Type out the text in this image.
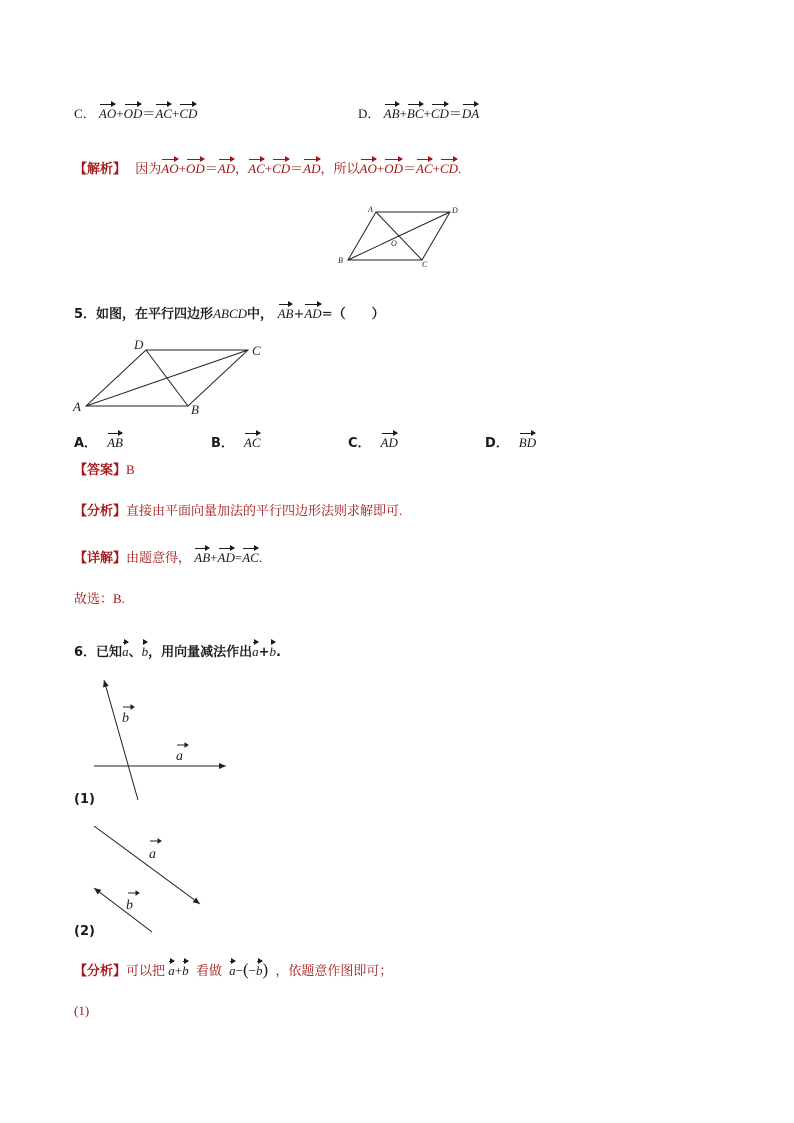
C． AO+OD＝AC+CD	D． AB+BC+CD＝DA
【解析】 因为AO+OD＝AD，AC+CD＝AD，所以AO+OD＝AC+CD.
A	D
B	C
O
5．如图，在平行四边形ABCD中， AB+AD=（　　）
D	C
A	B
A． AB	B． AC	C． AD	D． BD
【答案】B
【分析】直接由平面向量加法的平行四边形法则求解即可.
【详解】由题意得， AB+AD=AC.
故选：B.
6．已知a、b，用向量减法作出a+b.
b
a
(1)
a
b
(2)
【分析】可以把 a+b 看做 a−(−b) ，依题意作图即可；
(1)
